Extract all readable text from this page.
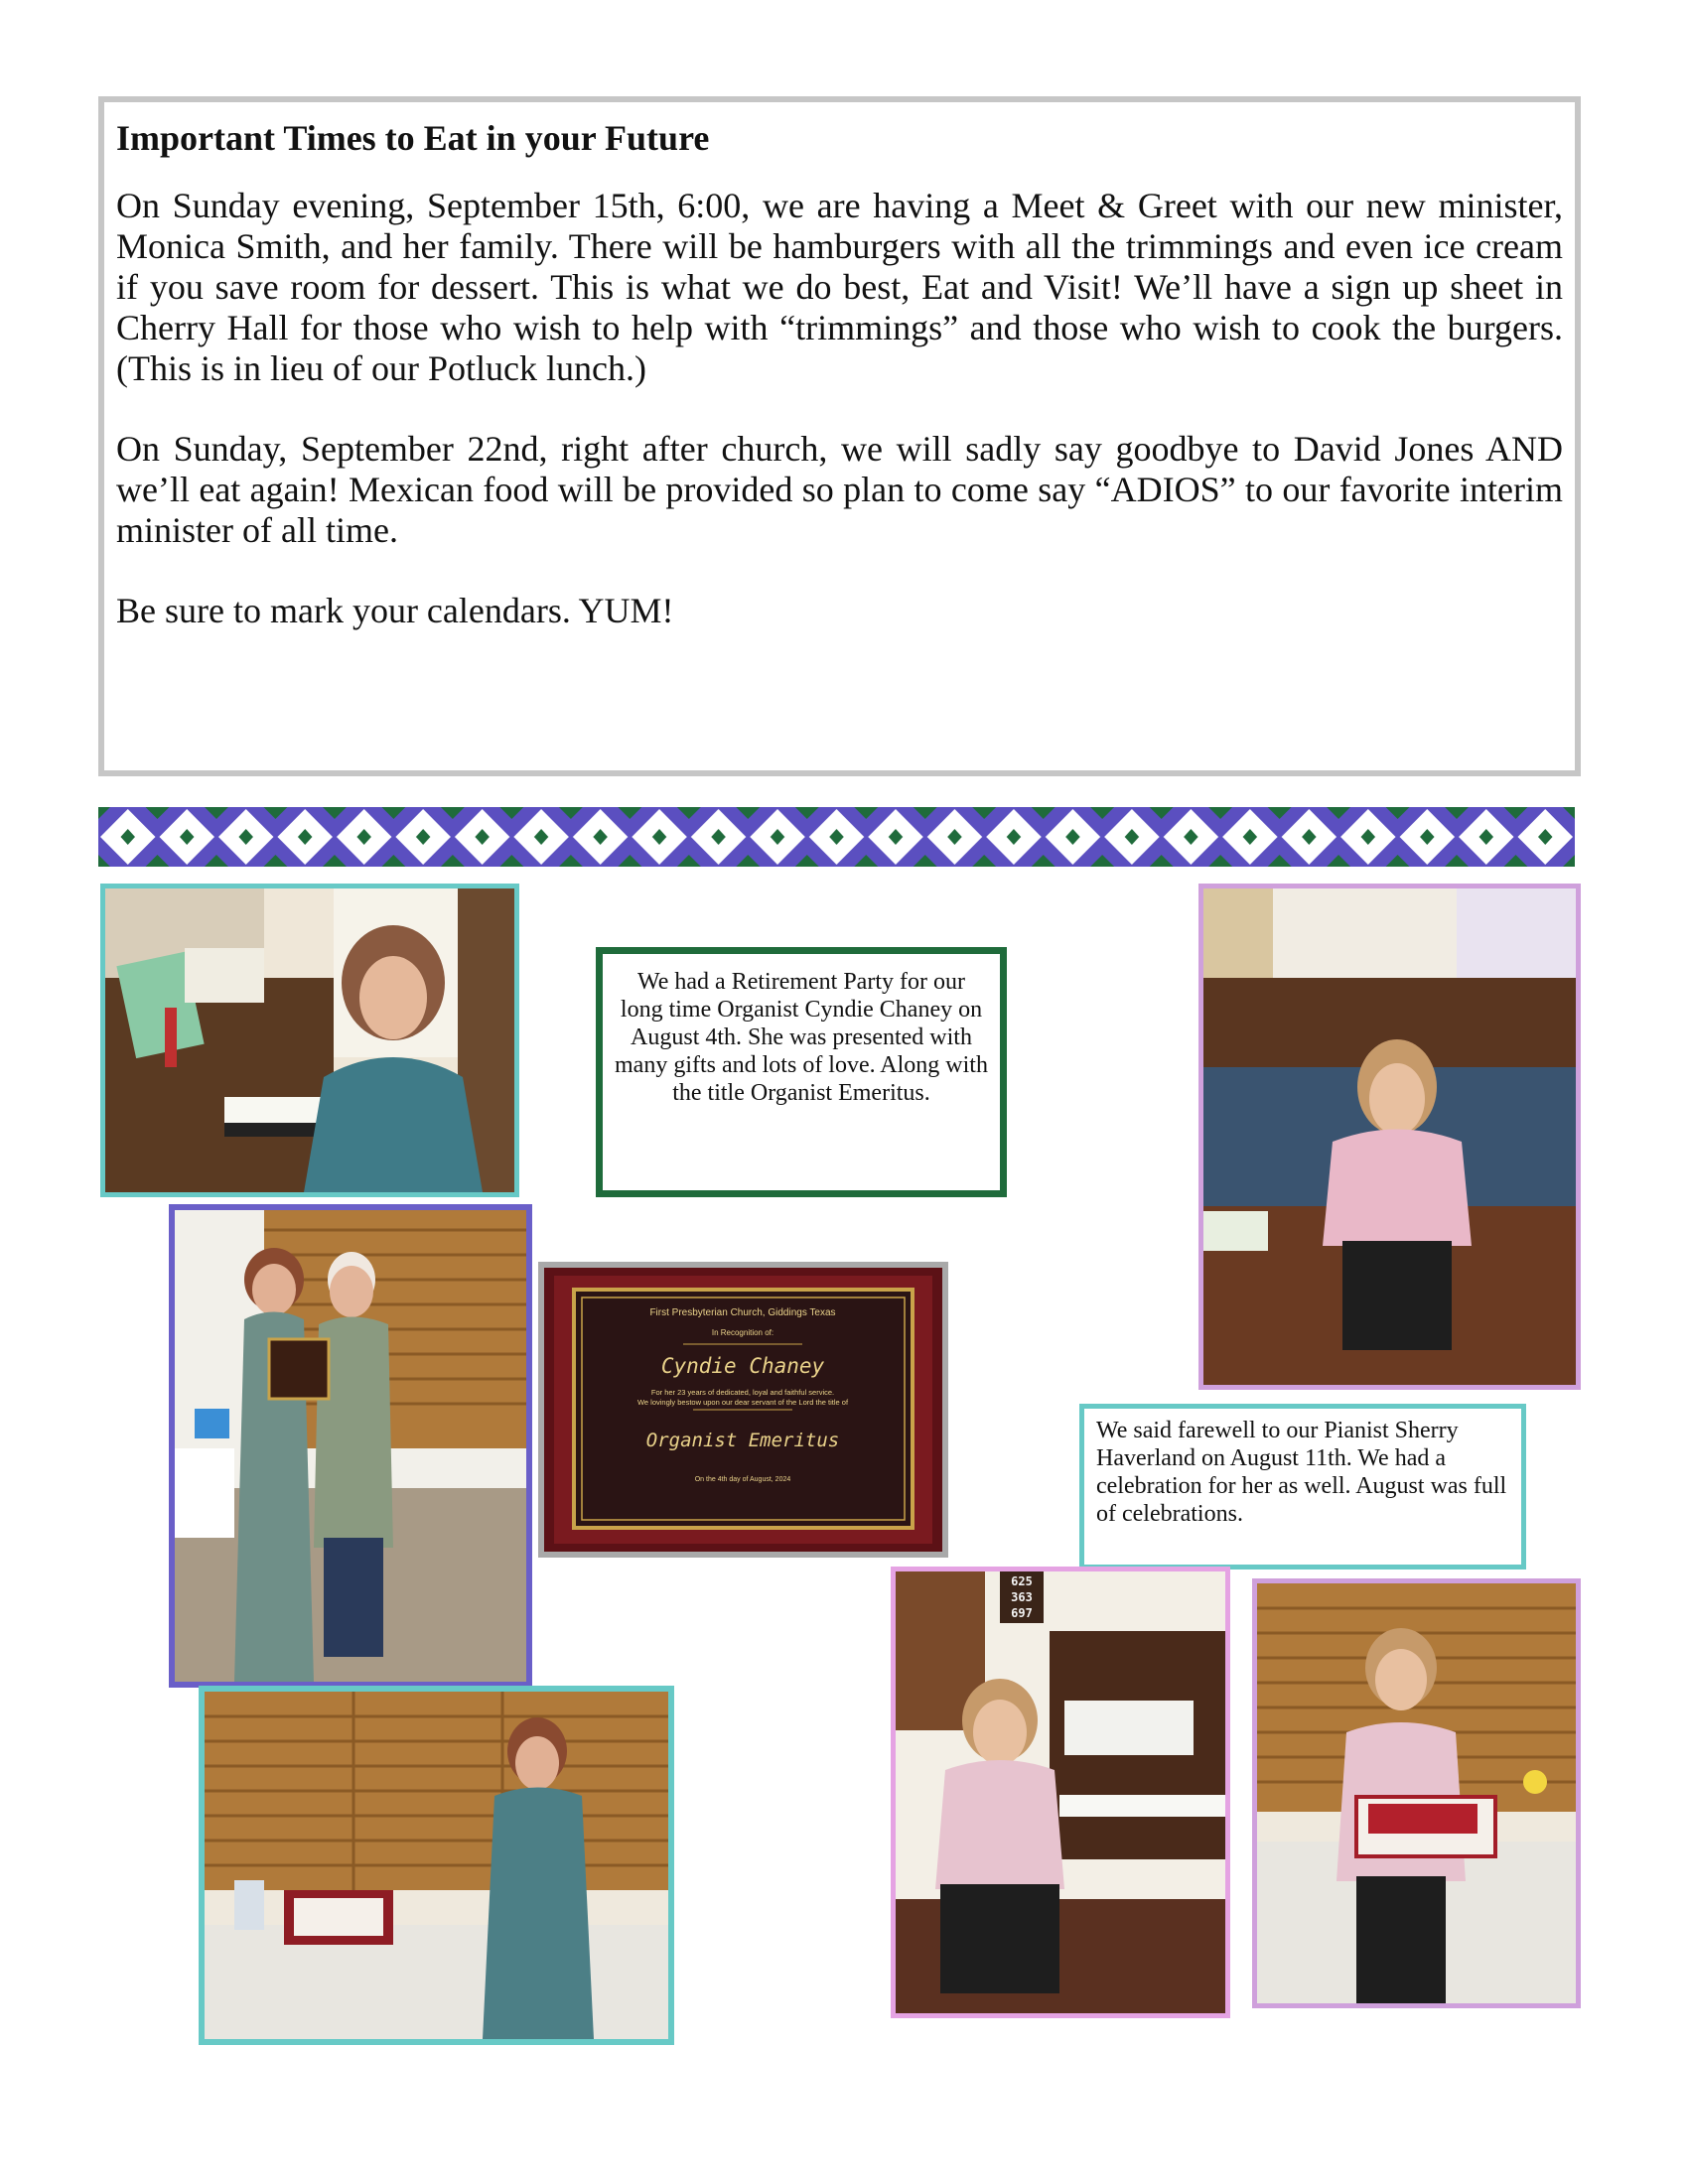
Important Times to Eat in your Future

On Sunday evening, September 15th, 6:00, we are having a Meet & Greet with our new minister, Monica Smith, and her family. There will be hamburgers with all the trimmings and even ice cream if you save room for dessert. This is what we do best, Eat and Visit! We’ll have a sign up sheet in Cherry Hall for those who wish to help with “trimmings” and those who wish to cook the burgers. (This is in lieu of our Potluck lunch.)

On Sunday, September 22nd, right after church, we will sadly say goodbye to David Jones AND we’ll eat again! Mexican food will be provided so plan to come say “ADIOS” to our favorite interim minister of all time.

Be sure to mark your calendars. YUM!

We had a Retirement Party for our long time Organist Cyndie Chaney on August 4th. She was presented with many gifts and lots of love. Along with the title Organist Emeritus.
First Presbyterian Church, Giddings Texas
In Recognition of:
Cyndie Chaney
For her 23 years of dedicated, loyal and faithful service.
We lovingly bestow upon our dear servant of the Lord the title of
Organist Emeritus
On the 4th day of August, 2024
We said farewell to our Pianist Sherry Haverland on August 11th. We had a celebration for her as well. August was full of celebrations.
625
363
697
